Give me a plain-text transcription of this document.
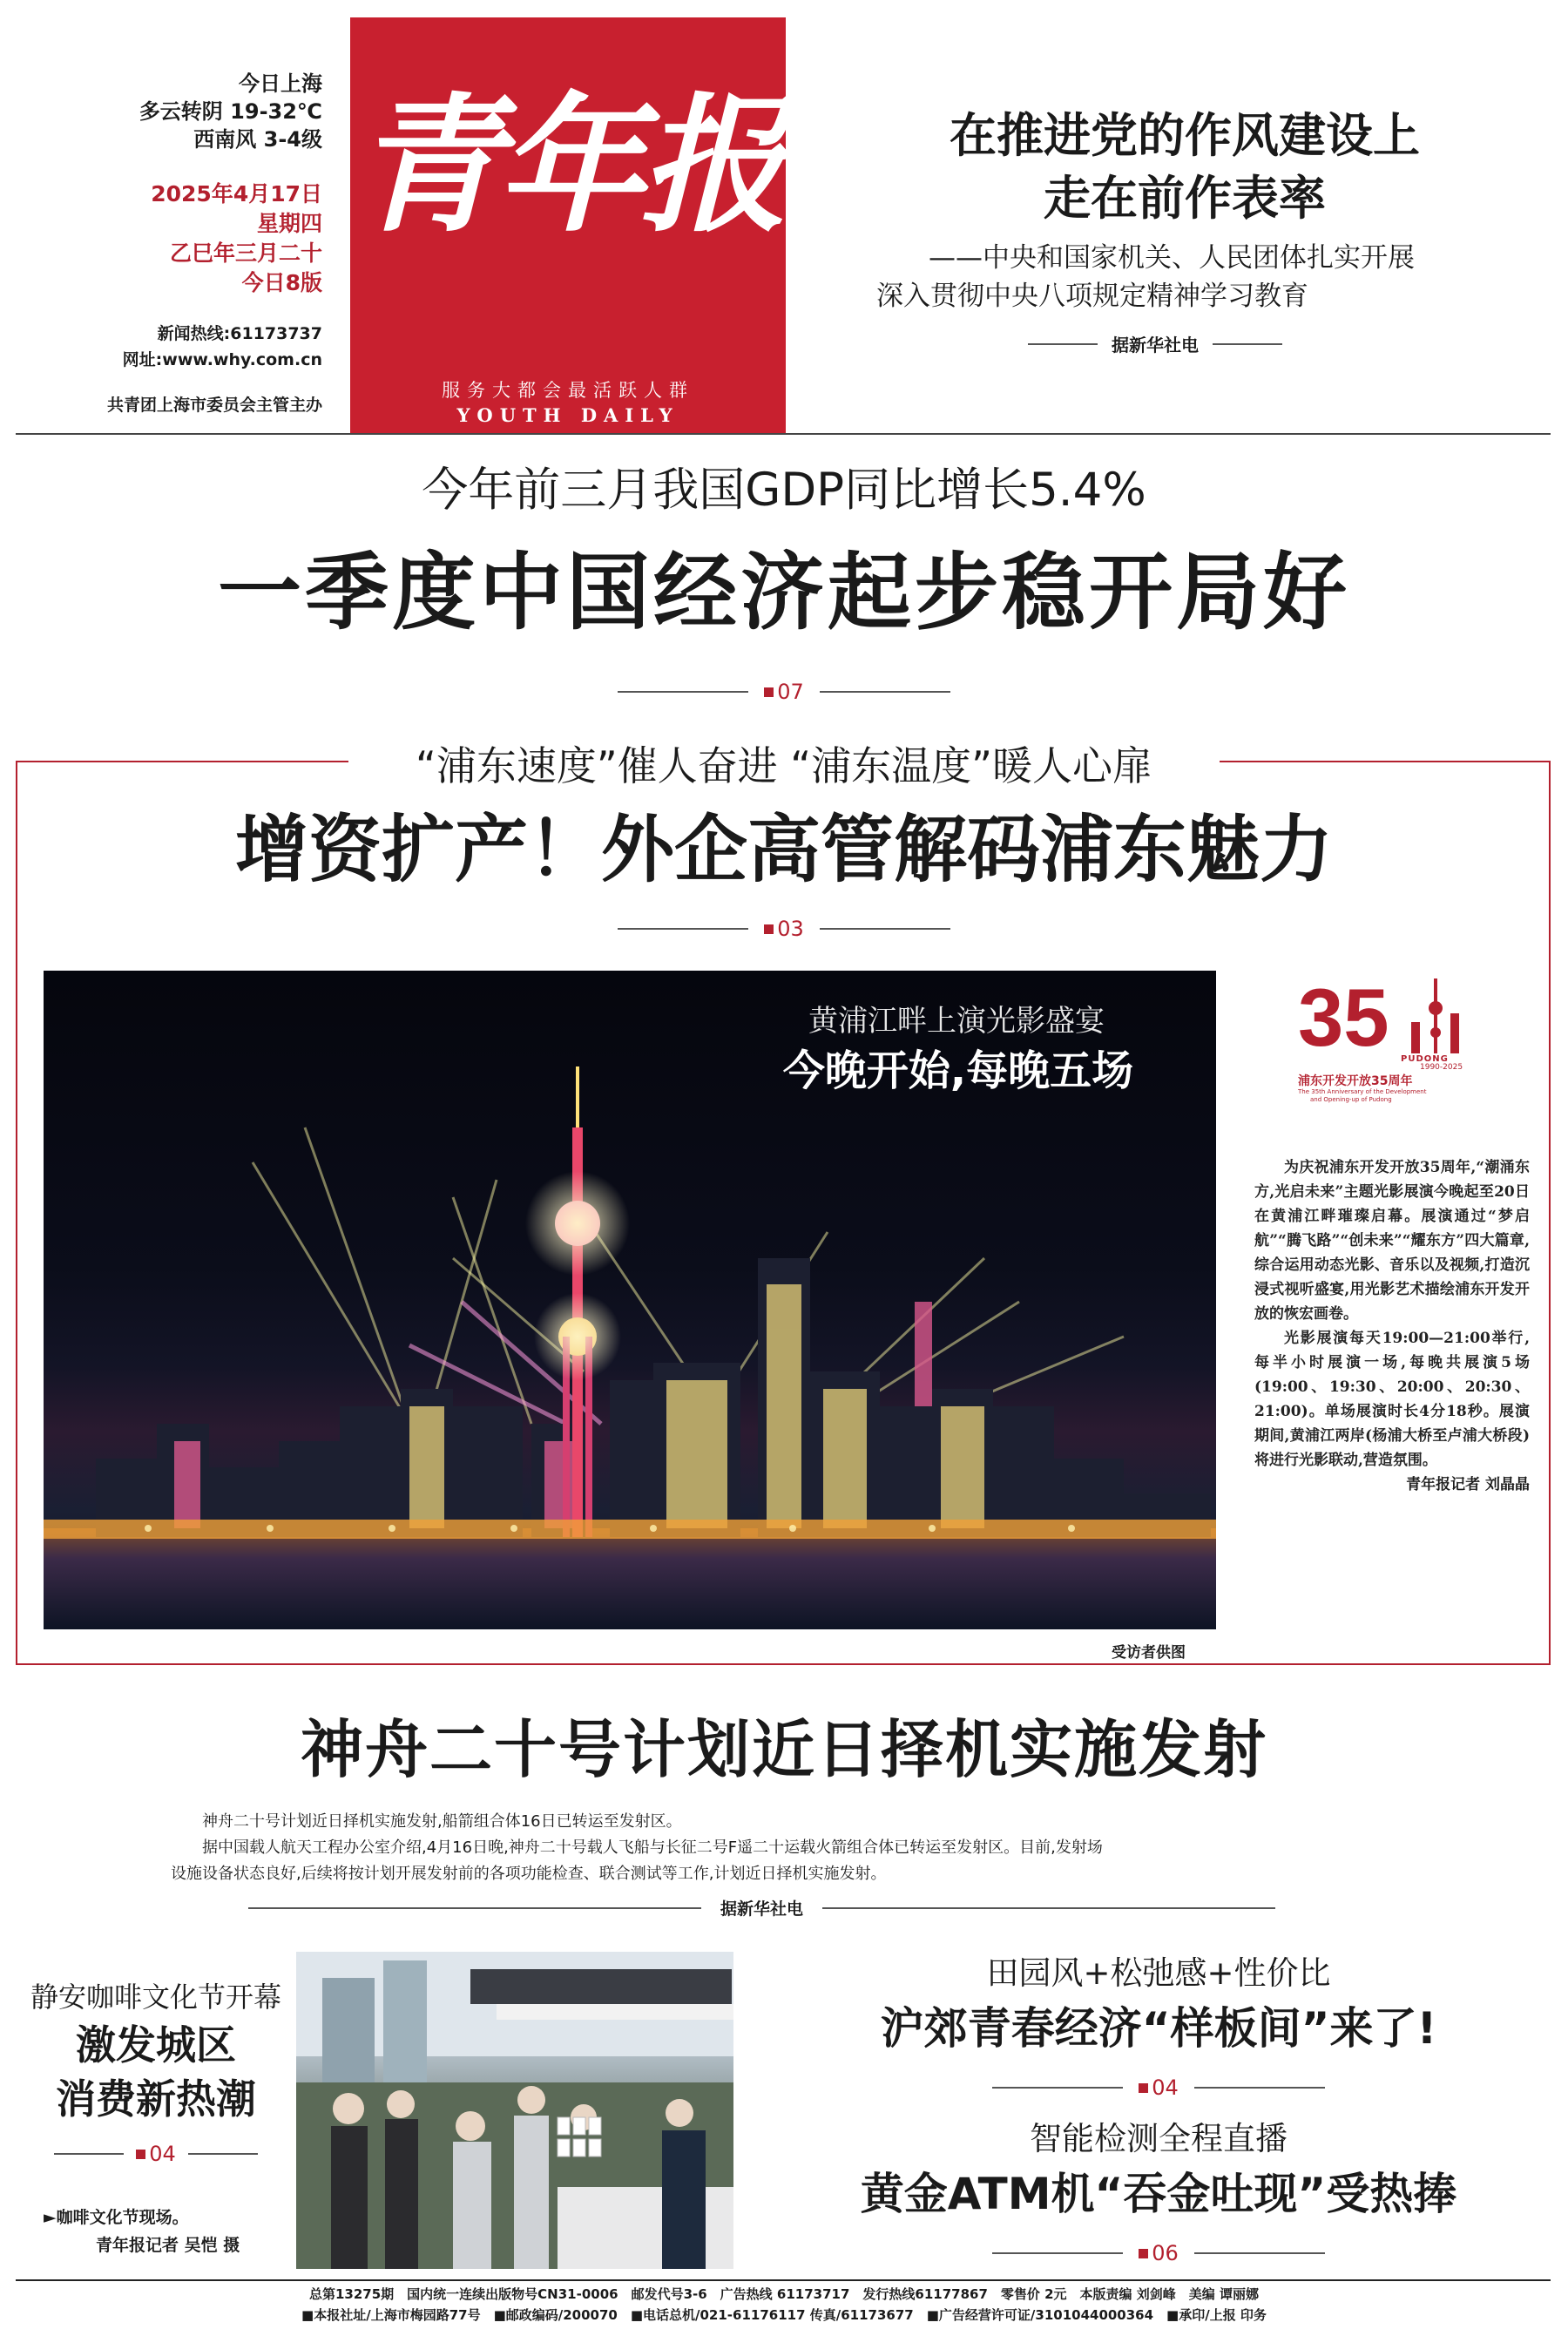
今日上海
多云转阴 19-32℃
西南风 3-4级
2025年4月17日
星期四
乙巳年三月二十
今日8版
新闻热线:61173737
网址:www.why.com.cn
共青团上海市委员会主管主办
青年报
服务大都会最活跃人群
YOUTH DAILY
在推进党的作风建设上
走在前作表率
——中央和国家机关、人民团体扎实开展
深入贯彻中央八项规定精神学习教育
据新华社电
今年前三月我国GDP同比增长5.4%
一季度中国经济起步稳开局好
07
“浦东速度”催人奋进 “浦东温度”暖人心扉
增资扩产！外企高管解码浦东魅力
03
黄浦江畔上演光影盛宴
今晚开始,每晚五场
受访者供图
35 PUDONG
1990-2025
浦东开发开放35周年
The 35th Anniversary of the Development
and Opening-up of Pudong

为庆祝浦东开发开放35周年,“潮涌东方,光启未来”主题光影展演今晚起至20日在黄浦江畔璀璨启幕。展演通过“梦启航”“腾飞路”“创未来”“耀东方”四大篇章,综合运用动态光影、音乐以及视频,打造沉浸式视听盛宴,用光影艺术描绘浦东开发开放的恢宏画卷。

光影展演每天19:00—21:00举行,每半小时展演一场,每晚共展演5场(19:00、19:30、20:00、20:30、21:00)。单场展演时长4分18秒。展演期间,黄浦江两岸(杨浦大桥至卢浦大桥段)将进行光影联动,营造氛围。

青年报记者 刘晶晶
神舟二十号计划近日择机实施发射
神舟二十号计划近日择机实施发射,船箭组合体16日已转运至发射区。
据中国载人航天工程办公室介绍,4月16日晚,神舟二十号载人飞船与长征二号F遥二十运载火箭组合体已转运至发射区。目前,发射场
设施设备状态良好,后续将按计划开展发射前的各项功能检查、联合测试等工作,计划近日择机实施发射。
据新华社电
静安咖啡文化节开幕
激发城区
消费新热潮
04
►咖啡文化节现场。
青年报记者 吴恺 摄
田园风+松弛感+性价比
沪郊青春经济“样板间”来了!
04
智能检测全程直播
黄金ATM机“吞金吐现”受热捧
06
总第13275期　国内统一连续出版物号CN31-0006　邮发代号3-6　广告热线 61173717　发行热线61177867　零售价 2元　本版责编 刘剑峰　美编 谭丽娜
■本报社址/上海市梅园路77号　■邮政编码/200070　■电话总机/021-61176117 传真/61173677　■广告经营许可证/3101044000364　■承印/上报 印务
